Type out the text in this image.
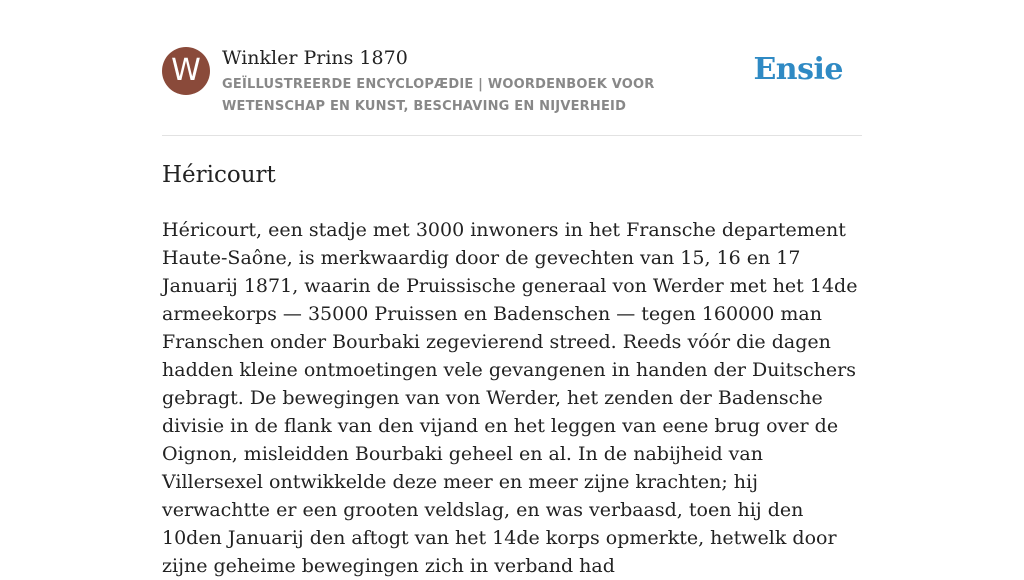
W	Winkler Prins 1870
GEÏLLUSTREERDE ENCYCLOPÆDIE | WOORDENBOEK VOOR WETENSCHAP EN KUNST, BESCHAVING EN NIJVERHEID
Ensie
Héricourt
Héricourt, een stadje met 3000 inwoners in het Fransche departement Haute-Saône, is merkwaardig door de gevechten van 15, 16 en 17 Januarij 1871, waarin de Pruissische generaal von Werder met het 14de armeekorps — 35000 Pruissen en Badenschen — tegen 160000 man Franschen onder Bourbaki zegevierend streed. Reeds vóór die dagen hadden kleine ontmoetingen vele gevangenen in handen der Duitschers gebragt. De bewegingen van von Werder, het zenden der Badensche divisie in de flank van den vijand en het leggen van eene brug over de Oignon, misleidden Bourbaki geheel en al. In de nabijheid van Villersexel ontwikkelde deze meer en meer zijne krachten; hij verwachtte er een grooten veldslag, en was verbaasd, toen hij den 10den Januarij den aftogt van het 14de korps opmerkte, hetwelk door zijne geheime bewegingen zich in verband had
